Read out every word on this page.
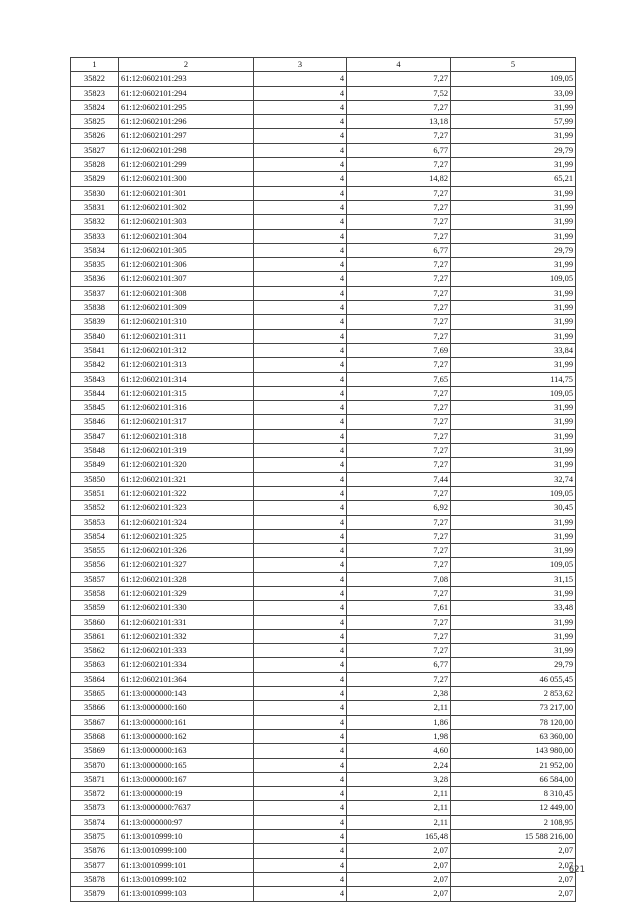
1	2	3	4	5
35822	61:12:0602101:293	4	7,27	109,05
35823	61:12:0602101:294	4	7,52	33,09
35824	61:12:0602101:295	4	7,27	31,99
35825	61:12:0602101:296	4	13,18	57,99
35826	61:12:0602101:297	4	7,27	31,99
35827	61:12:0602101:298	4	6,77	29,79
35828	61:12:0602101:299	4	7,27	31,99
35829	61:12:0602101:300	4	14,82	65,21
35830	61:12:0602101:301	4	7,27	31,99
35831	61:12:0602101:302	4	7,27	31,99
35832	61:12:0602101:303	4	7,27	31,99
35833	61:12:0602101:304	4	7,27	31,99
35834	61:12:0602101:305	4	6,77	29,79
35835	61:12:0602101:306	4	7,27	31,99
35836	61:12:0602101:307	4	7,27	109,05
35837	61:12:0602101:308	4	7,27	31,99
35838	61:12:0602101:309	4	7,27	31,99
35839	61:12:0602101:310	4	7,27	31,99
35840	61:12:0602101:311	4	7,27	31,99
35841	61:12:0602101:312	4	7,69	33,84
35842	61:12:0602101:313	4	7,27	31,99
35843	61:12:0602101:314	4	7,65	114,75
35844	61:12:0602101:315	4	7,27	109,05
35845	61:12:0602101:316	4	7,27	31,99
35846	61:12:0602101:317	4	7,27	31,99
35847	61:12:0602101:318	4	7,27	31,99
35848	61:12:0602101:319	4	7,27	31,99
35849	61:12:0602101:320	4	7,27	31,99
35850	61:12:0602101:321	4	7,44	32,74
35851	61:12:0602101:322	4	7,27	109,05
35852	61:12:0602101:323	4	6,92	30,45
35853	61:12:0602101:324	4	7,27	31,99
35854	61:12:0602101:325	4	7,27	31,99
35855	61:12:0602101:326	4	7,27	31,99
35856	61:12:0602101:327	4	7,27	109,05
35857	61:12:0602101:328	4	7,08	31,15
35858	61:12:0602101:329	4	7,27	31,99
35859	61:12:0602101:330	4	7,61	33,48
35860	61:12:0602101:331	4	7,27	31,99
35861	61:12:0602101:332	4	7,27	31,99
35862	61:12:0602101:333	4	7,27	31,99
35863	61:12:0602101:334	4	6,77	29,79
35864	61:12:0602101:364	4	7,27	46 055,45
35865	61:13:0000000:143	4	2,38	2 853,62
35866	61:13:0000000:160	4	2,11	73 217,00
35867	61:13:0000000:161	4	1,86	78 120,00
35868	61:13:0000000:162	4	1,98	63 360,00
35869	61:13:0000000:163	4	4,60	143 980,00
35870	61:13:0000000:165	4	2,24	21 952,00
35871	61:13:0000000:167	4	3,28	66 584,00
35872	61:13:0000000:19	4	2,11	8 310,45
35873	61:13:0000000:7637	4	2,11	12 449,00
35874	61:13:0000000:97	4	2,11	2 108,95
35875	61:13:0010999:10	4	165,48	15 588 216,00
35876	61:13:0010999:100	4	2,07	2,07
35877	61:13:0010999:101	4	2,07	2,07
35878	61:13:0010999:102	4	2,07	2,07
35879	61:13:0010999:103	4	2,07	2,07
621
